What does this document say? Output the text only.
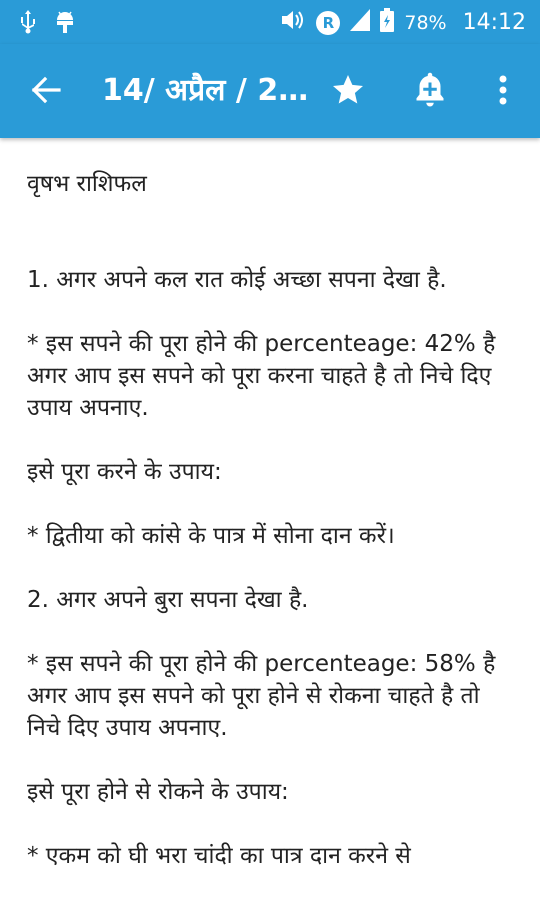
R	78% 14:12
14/ अप्रैल / 2...

वृषभ राशिफल

1. अगर अपने कल रात कोई अच्छा सपना देखा है.

* इस सपने की पूरा होने की percenteage: 42% है अगर आप इस सपने को पूरा करना चाहते है तो निचे दिए उपाय अपनाए.

इसे पूरा करने के उपाय:

* द्वितीया को कांसे के पात्र में सोना दान करें।

2. अगर अपने बुरा सपना देखा है.

* इस सपने की पूरा होने की percenteage: 58% है अगर आप इस सपने को पूरा होने से रोकना चाहते है तो निचे दिए उपाय अपनाए.

इसे पूरा होने से रोकने के उपाय:

* एकम को घी भरा चांदी का पात्र दान करने से
